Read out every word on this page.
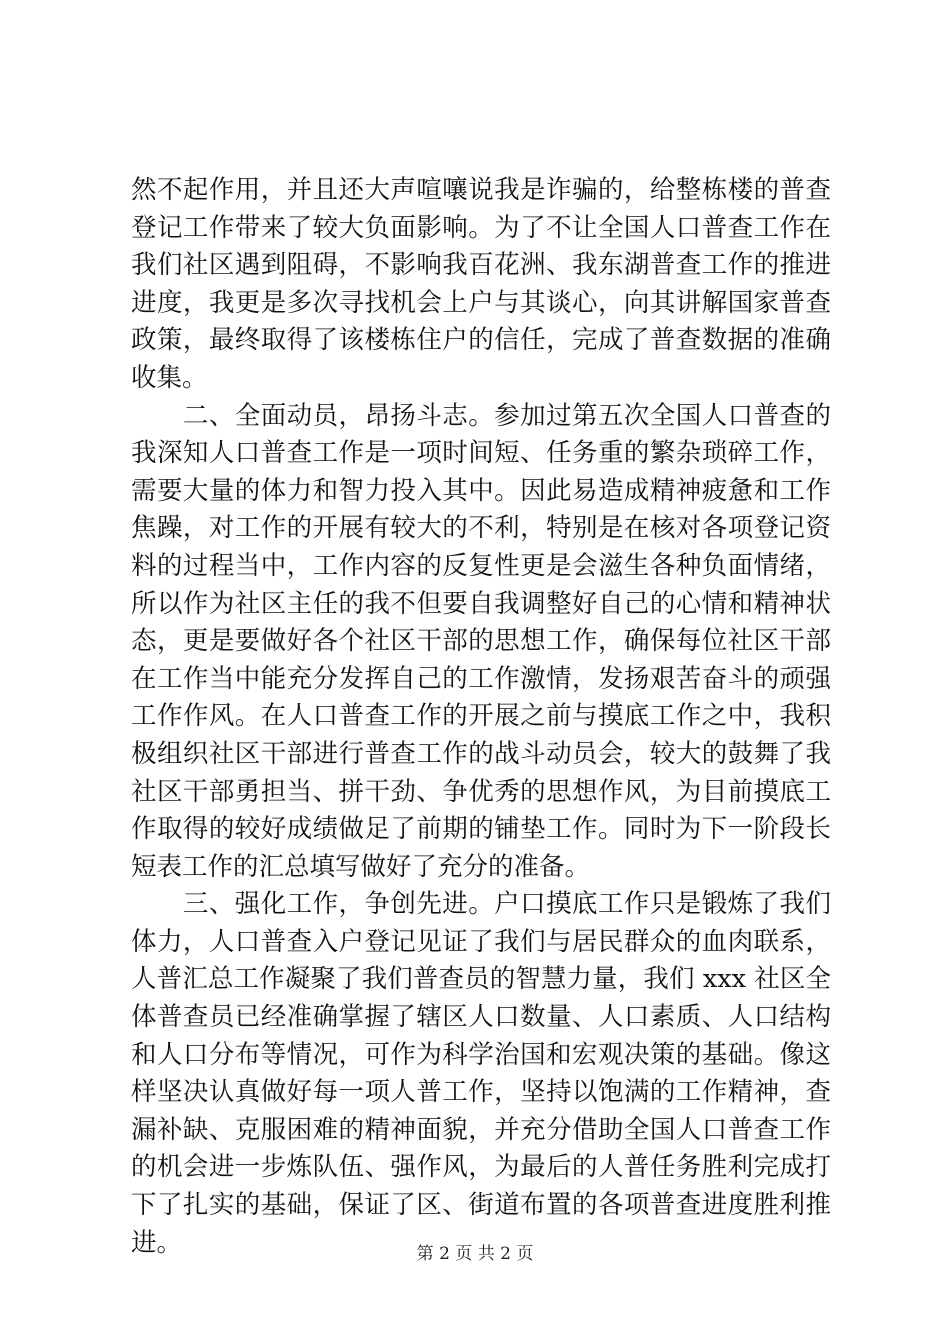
然不起作用，并且还大声喧嚷说我是诈骗的，给整栋楼的普查
登记工作带来了较大负面影响。为了不让全国人口普查工作在
我们社区遇到阻碍，不影响我百花洲、我东湖普查工作的推进
进度，我更是多次寻找机会上户与其谈心，向其讲解国家普查
政策，最终取得了该楼栋住户的信任，完成了普查数据的准确
收集。
　　二、全面动员，昂扬斗志。参加过第五次全国人口普查的
我深知人口普查工作是一项时间短、任务重的繁杂琐碎工作，
需要大量的体力和智力投入其中。因此易造成精神疲惫和工作
焦躁，对工作的开展有较大的不利，特别是在核对各项登记资
料的过程当中，工作内容的反复性更是会滋生各种负面情绪，
所以作为社区主任的我不但要自我调整好自己的心情和精神状
态，更是要做好各个社区干部的思想工作，确保每位社区干部
在工作当中能充分发挥自己的工作激情，发扬艰苦奋斗的顽强
工作作风。在人口普查工作的开展之前与摸底工作之中，我积
极组织社区干部进行普查工作的战斗动员会，较大的鼓舞了我
社区干部勇担当、拼干劲、争优秀的思想作风，为目前摸底工
作取得的较好成绩做足了前期的铺垫工作。同时为下一阶段长
短表工作的汇总填写做好了充分的准备。
　　三、强化工作，争创先进。户口摸底工作只是锻炼了我们
体力，人口普查入户登记见证了我们与居民群众的血肉联系，
人普汇总工作凝聚了我们普查员的智慧力量，我们 xxx 社区全
体普查员已经准确掌握了辖区人口数量、人口素质、人口结构
和人口分布等情况，可作为科学治国和宏观决策的基础。像这
样坚决认真做好每一项人普工作，坚持以饱满的工作精神，查
漏补缺、克服困难的精神面貌，并充分借助全国人口普查工作
的机会进一步炼队伍、强作风，为最后的人普任务胜利完成打
下了扎实的基础，保证了区、街道布置的各项普查进度胜利推
进。	第 2 页 共 2 页
